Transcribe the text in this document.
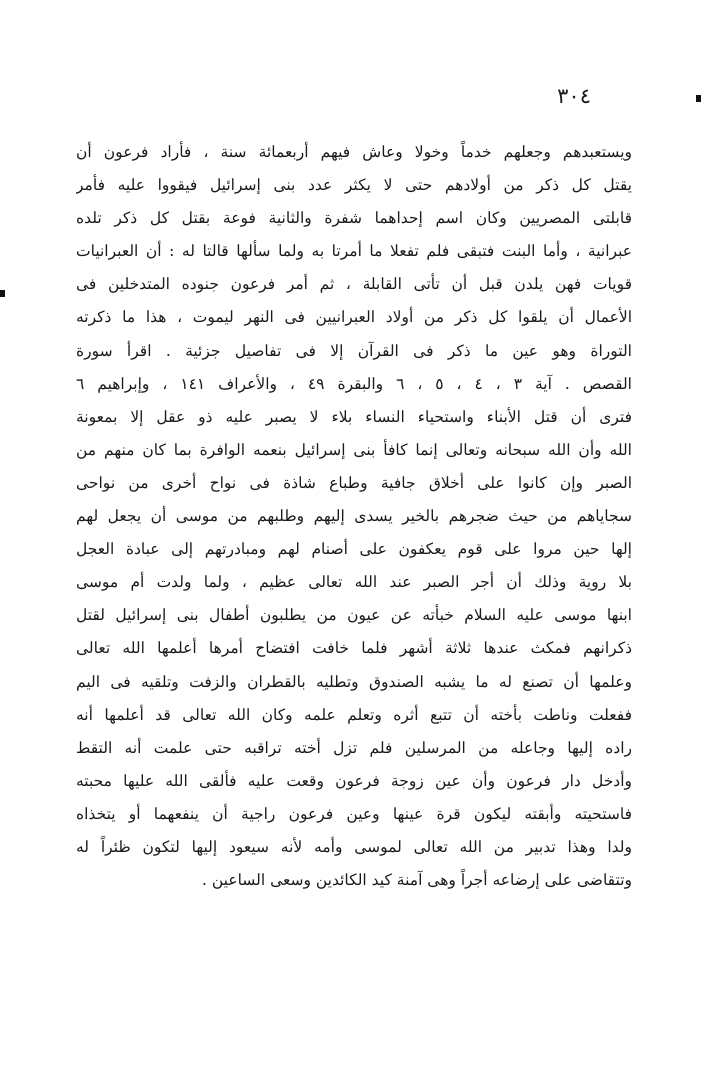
٣٠٤
ويستعبدهم وجعلهم خدماً وخولا وعاش فيهم أربعمائة سنة ، فأراد فرعون أن
يقتل كل ذكر من أولادهم حتى لا يكثر عدد بنى إسرائيل فيقووا عليه فأمر
قابلتى المصريين وكان اسم إحداهما شفرة والثانية فوعة بقتل كل ذكر تلده
عبرانية ، وأما البنت فتبقى فلم تفعلا ما أمرتا به ولما سألها قالتا له : أن العبرانيات
قويات فهن يلدن قبل أن تأتى القابلة ، ثم أمر فرعون جنوده المتدخلين فى
الأعمال أن يلقوا كل ذكر من أولاد العبرانيين فى النهر ليموت ، هذا ما ذكرته
التوراة وهو عين ما ذكر فى القرآن إلا فى تفاصيل جزئية . اقرأ سورة
القصص . آية ٣ ، ٤ ، ٥ ، ٦ والبقرة ٤٩ ، والأعراف ١٤١ ، وإبراهيم ٦
فترى أن قتل الأبناء واستحياء النساء بلاء لا يصبر عليه ذو عقل إلا بمعونة
الله وأن الله سبحانه وتعالى إنما كافأ بنى إسرائيل بنعمه الوافرة بما كان منهم من
الصبر وإن كانوا على أخلاق جافية وطباع شاذة فى نواح أخرى من نواحى
سجاياهم من حيث ضجرهم بالخير يسدى إليهم وطلبهم من موسى أن يجعل لهم
إلها حين مروا على قوم يعكفون على أصنام لهم ومبادرتهم إلى عبادة العجل
بلا روية وذلك أن أجر الصبر عند الله تعالى عظيم ، ولما ولدت أم موسى
ابنها موسى عليه السلام خبأته عن عيون من يطلبون أطفال بنى إسرائيل لقتل
ذكرانهم فمكث عندها ثلاثة أشهر فلما خافت افتضاح أمرها أعلمها الله تعالى
وعلمها أن تصنع له ما يشبه الصندوق وتطليه بالقطران والزفت وتلقيه فى اليم
ففعلت وناطت بأخته أن تتبع أثره وتعلم علمه وكان الله تعالى قد أعلمها أنه
راده إليها وجاعله من المرسلين فلم تزل أخته تراقبه حتى علمت أنه التقط
وأدخل دار فرعون وأن عين زوجة فرعون وقعت عليه فألقى الله عليها محبته
فاستحيته وأبقته ليكون قرة عينها وعين فرعون راجية أن ينفعهما أو يتخذاه
ولدا وهذا تدبير من الله تعالى لموسى وأمه لأنه سيعود إليها لتكون ظئراً له
وتتقاضى على إرضاعه أجراً وهى آمنة كيد الكائدين وسعى الساعين .
